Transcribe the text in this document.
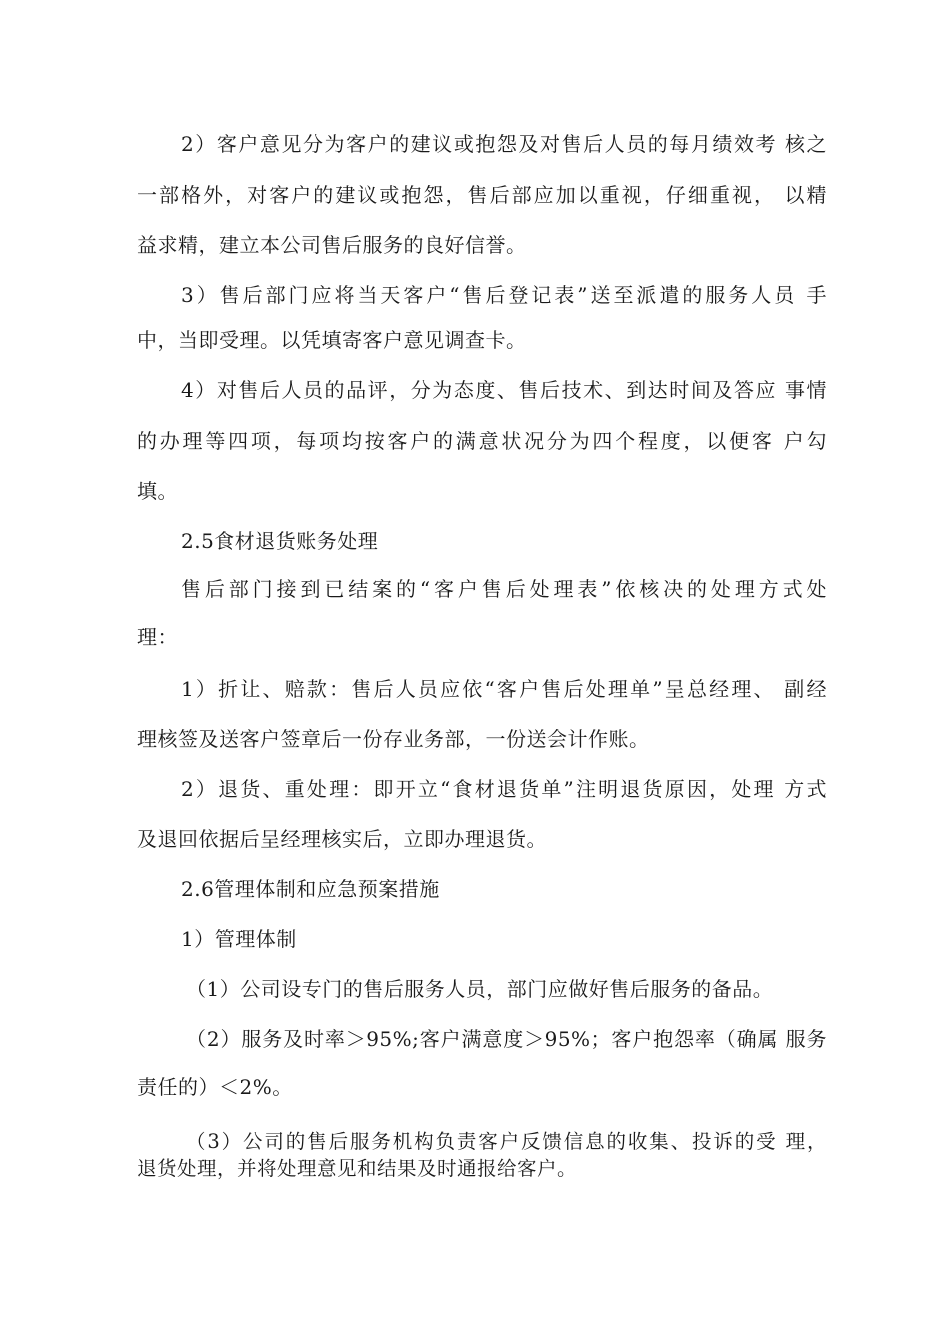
2）客户意见分为客户的建议或抱怨及对售后人员的每月绩效考 核之
一部格外，对客户的建议或抱怨，售后部应加以重视，仔细重视， 以精
益求精，建立本公司售后服务的良好信誉。
3）售后部门应将当天客户“售后登记表”送至派遣的服务人员 手
中，当即受理。以凭填寄客户意见调查卡。
4）对售后人员的品评，分为态度、售后技术、到达时间及答应 事情
的办理等四项，每项均按客户的满意状况分为四个程度，以便客 户勾
填。
2.5食材退货账务处理
售后部门接到已结案的“客户售后处理表”依核决的处理方式处
理：
1）折让、赔款：售后人员应依“客户售后处理单”呈总经理、 副经
理核签及送客户签章后一份存业务部，一份送会计作账。
2）退货、重处理：即开立“食材退货单”注明退货原因，处理 方式
及退回依据后呈经理核实后，立即办理退货。
2.6管理体制和应急预案措施
1）管理体制
（1）公司设专门的售后服务人员，部门应做好售后服务的备品。
（2）服务及时率＞95%;客户满意度＞95%；客户抱怨率（确属 服务
责任的）＜2%。
（3）公司的售后服务机构负责客户反馈信息的收集、投诉的受 理，
退货处理，并将处理意见和结果及时通报给客户。
